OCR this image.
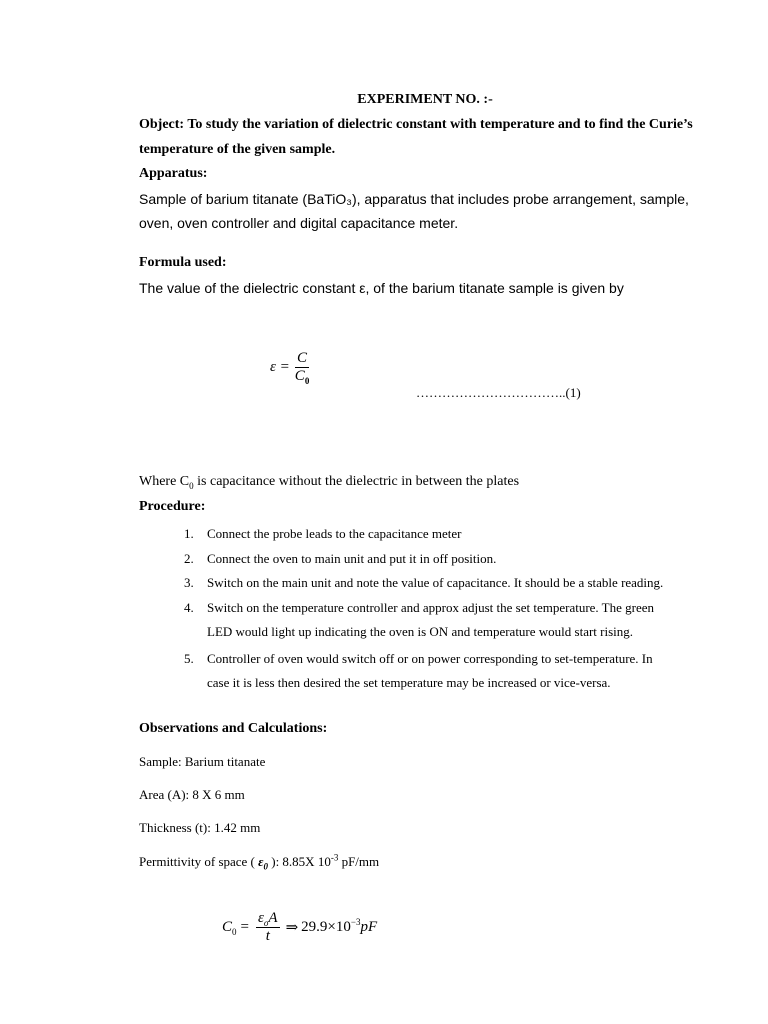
EXPERIMENT NO. :-
Object: To study the variation of dielectric constant with temperature and to find the Curie’s
temperature of the given sample.
Apparatus:
Sample of barium titanate (BaTiO₃), apparatus that includes probe arrangement, sample,
oven, oven controller and digital capacitance meter.
Formula used:
The value of the dielectric constant ε, of the barium titanate sample is given by
$\varepsilon = \frac{C}{C_0}$
……………………………..(1)
Where $C_0$ is capacitance without the dielectric in between the plates
Procedure:
1. Connect the probe leads to the capacitance meter
2. Connect the oven to main unit and put it in off position.
3. Switch on the main unit and note the value of capacitance. It should be a stable reading.
4. Switch on the temperature controller and approx adjust the set temperature. The green
LED would light up indicating the oven is ON and temperature would start rising.
5. Controller of oven would switch off or on power corresponding to set-temperature. In
case it is less then desired the set temperature may be increased or vice-versa.
Observations and Calculations:
Sample: Barium titanate
Area (A): 8 X 6 mm
Thickness (t): 1.42 mm
Permittivity of space ( $\varepsilon_0$ ): 8.85X $10^{-3}$ pF/mm
$C_0 = \frac{\varepsilon_oA}{t}$ ⇒ $29.9\times 10^{-3}pF$
